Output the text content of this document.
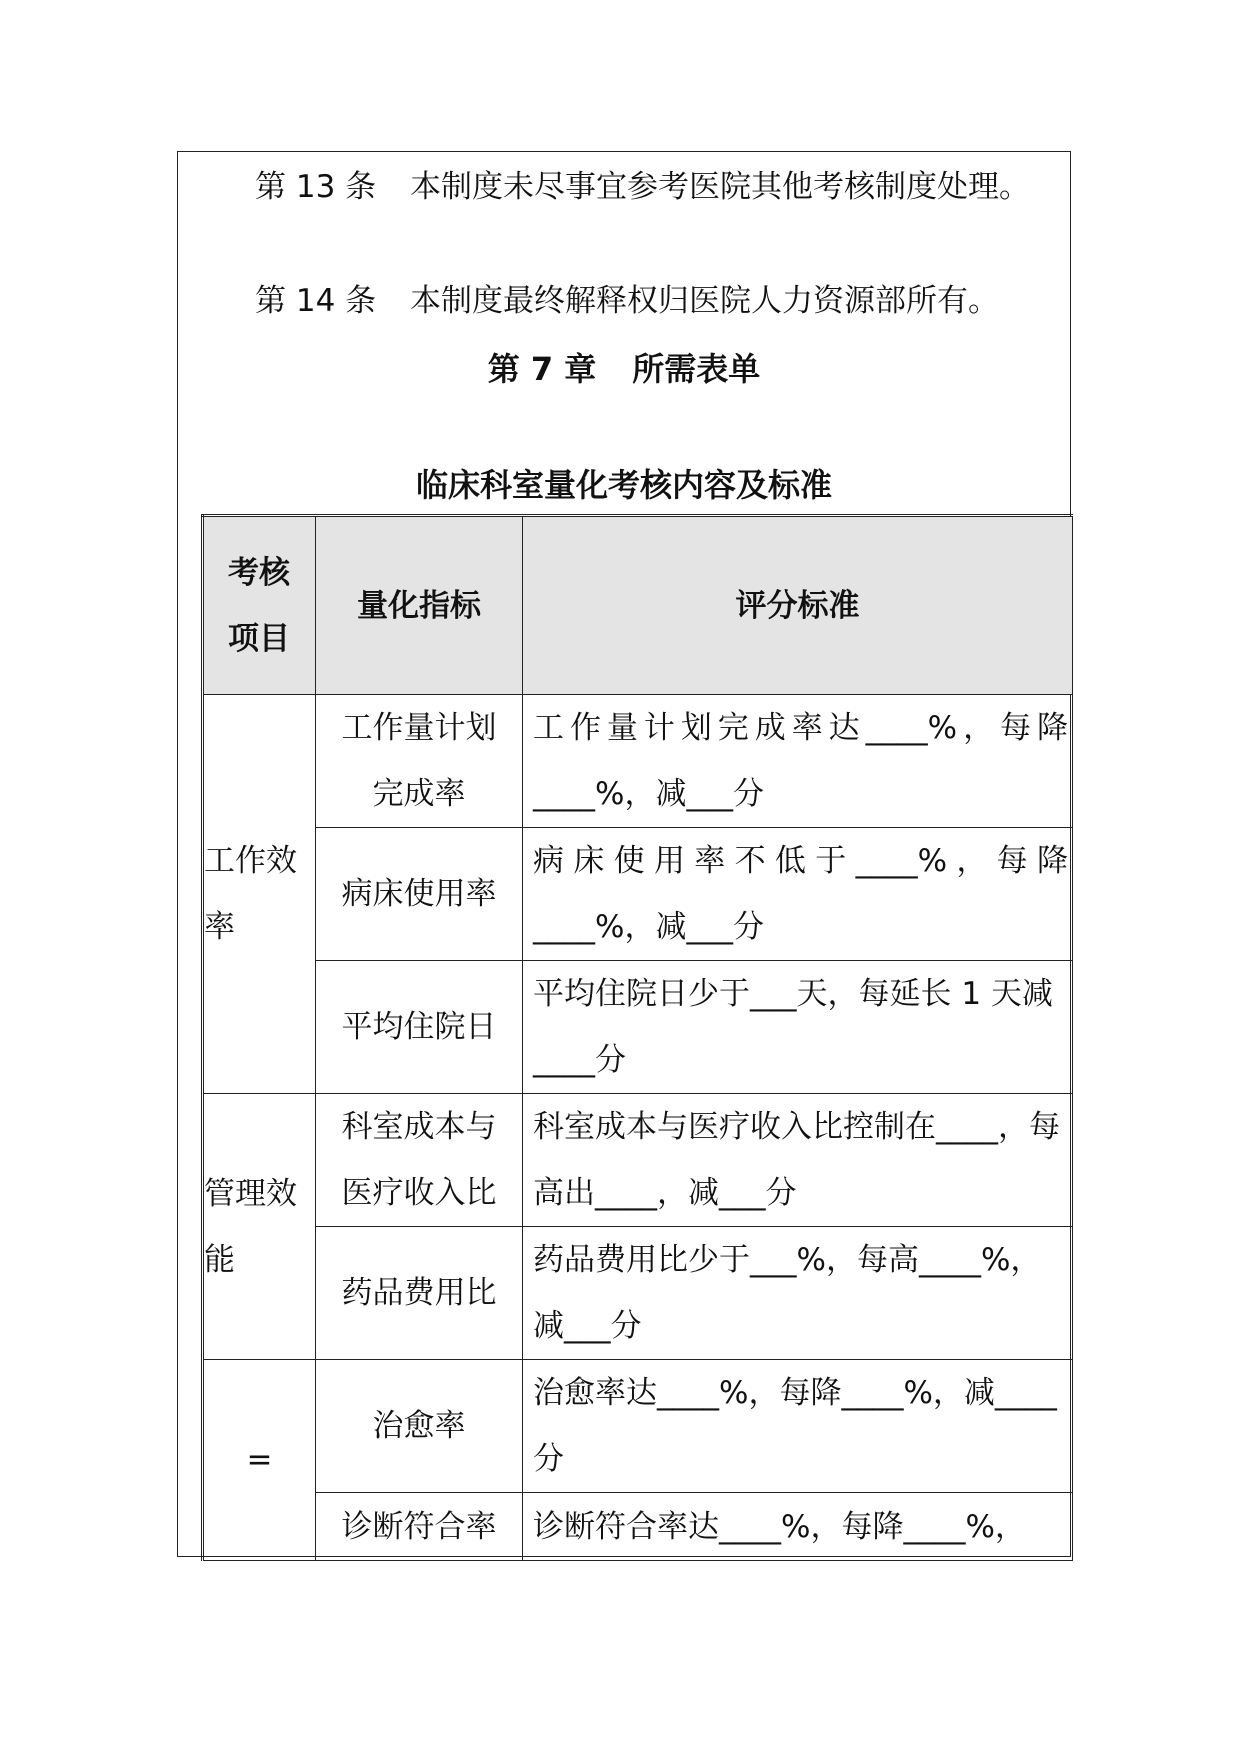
第 13 条 本制度未尽事宜参考医院其他考核制度处理。
第 14 条 本制度最终解释权归医院人力资源部所有。
第 7 章 所需表单
临床科室量化考核内容及标准
考核项目	量化指标	评分标准
工作效率	工作量计划完成率	工作量计划完成率达____%，每降____%，减___分
	病床使用率	病床使用率不低于____%，每降____%，减___分
	平均住院日	平均住院日少于___天，每延长 1 天减____分
管理效能	科室成本与医疗收入比	科室成本与医疗收入比控制在____，每高出____，减___分
	药品费用比	药品费用比少于___%，每高____%，减___分
=	治愈率	治愈率达____%，每降____%，减____分
	诊断符合率	诊断符合率达____%，每降____%，
